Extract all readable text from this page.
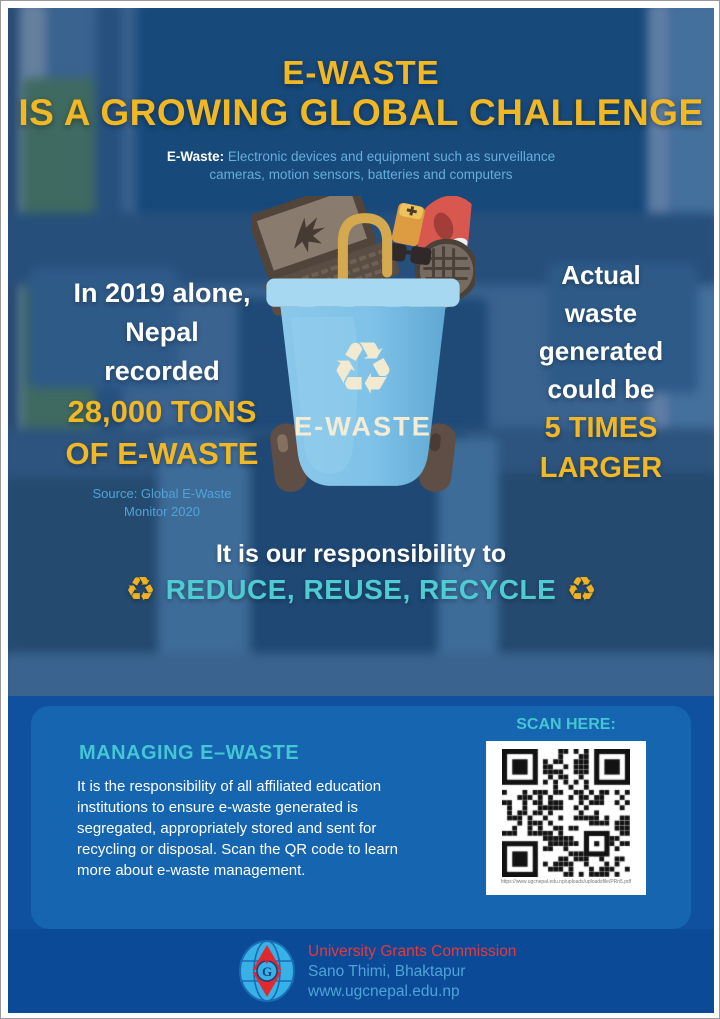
E-WASTE
IS A GROWING GLOBAL CHALLENGE
E-Waste: Electronic devices and equipment such as surveillance
cameras, motion sensors, batteries and computers
In 2019 alone,
Nepal
recorded
28,000 TONS
OF E-WASTE
Source: Global E-Waste
Monitor 2020
Actual
waste
generated
could be
5 TIMES
LARGER
♻
E-WASTE
It is our responsibility to
♻ REDUCE, REUSE, RECYCLE ♻
MANAGING E–WASTE
It is the responsibility of all affiliated education institutions to ensure e-waste generated is segregated, appropriately stored and sent for recycling or disposal. Scan the QR code to learn more about e-waste management.
SCAN HERE:
https://www.ugcnepal.edu.np/uploads/uploadsfile/PRn5.pdf
G
University Grants Commission
Sano Thimi, Bhaktapur
www.ugcnepal.edu.np
